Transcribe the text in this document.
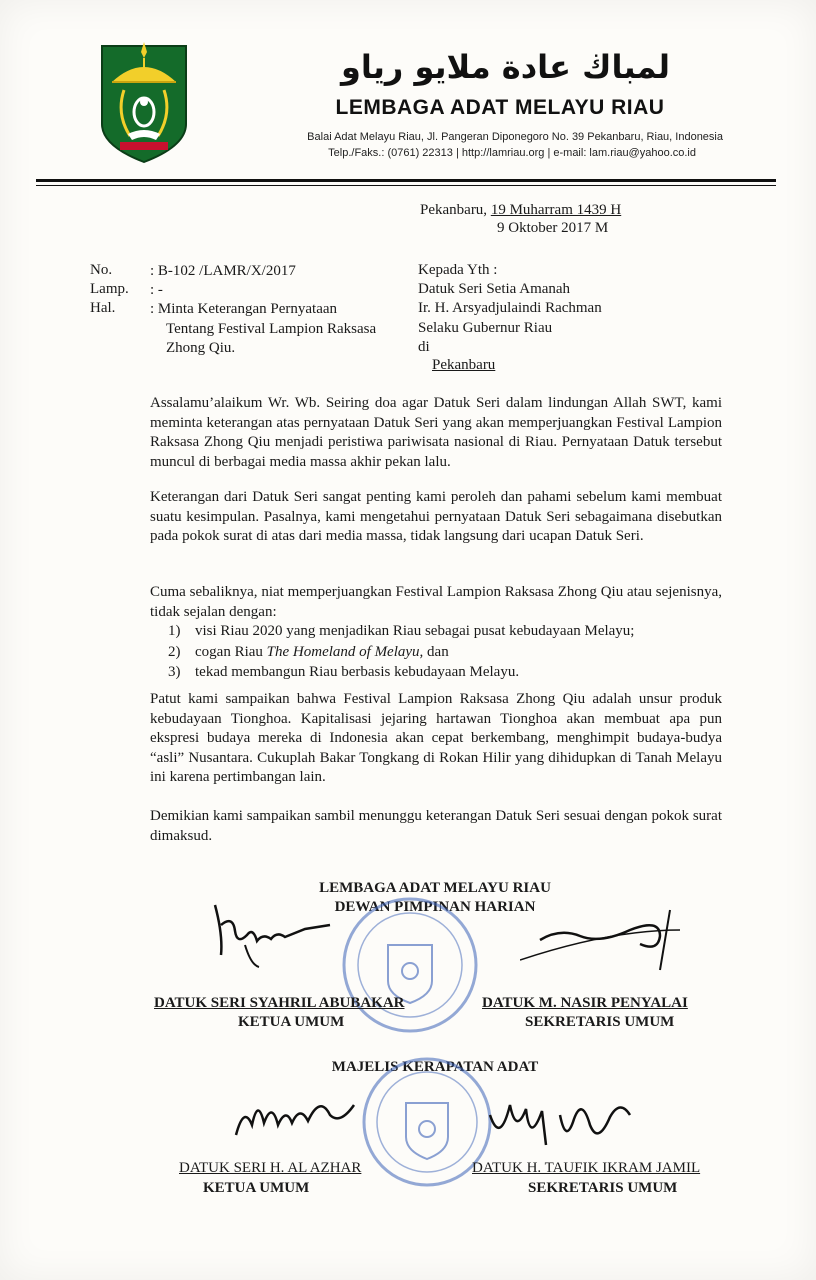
لمباڬ عادة ملايو رياو
LEMBAGA ADAT MELAYU RIAU
Balai Adat Melayu Riau, Jl. Pangeran Diponegoro No. 39 Pekanbaru, Riau, Indonesia
Telp./Faks.: (0761) 22313 | http://lamriau.org | e-mail: lam.riau@yahoo.co.id
Pekanbaru, 19 Muharram 1439 H
9 Oktober 2017 M
No.	: B-102 /LAMR/X/2017
Lamp.	: -
Hal.	: Minta Keterangan Pernyataan
Tentang Festival Lampion Raksasa
Zhong Qiu.
Kepada Yth :
Datuk Seri Setia Amanah
Ir. H. Arsyadjulaindi Rachman
Selaku Gubernur Riau
di
Pekanbaru
Assalamu’alaikum Wr. Wb. Seiring doa agar Datuk Seri dalam lindungan Allah SWT, kami meminta keterangan atas pernyataan Datuk Seri yang akan memperjuangkan Festival Lampion Raksasa Zhong Qiu menjadi peristiwa pariwisata nasional di Riau. Pernyataan Datuk tersebut muncul di berbagai media massa akhir pekan lalu.
Keterangan dari Datuk Seri sangat penting kami peroleh dan pahami sebelum kami membuat suatu kesimpulan. Pasalnya, kami mengetahui pernyataan Datuk Seri sebagaimana disebutkan pada pokok surat di atas dari media massa, tidak langsung dari ucapan Datuk Seri.
Cuma sebaliknya, niat memperjuangkan Festival Lampion Raksasa Zhong Qiu atau sejenisnya, tidak sejalan dengan:
1) visi Riau 2020 yang menjadikan Riau sebagai pusat kebudayaan Melayu;
2) cogan Riau The Homeland of Melayu, dan
3) tekad membangun Riau berbasis kebudayaan Melayu.
Patut kami sampaikan bahwa Festival Lampion Raksasa Zhong Qiu adalah unsur produk kebudayaan Tionghoa. Kapitalisasi jejaring hartawan Tionghoa akan membuat apa pun ekspresi budaya mereka di Indonesia akan cepat berkembang, menghimpit budaya-budya “asli” Nusantara. Cukuplah Bakar Tongkang di Rokan Hilir yang dihidupkan di Tanah Melayu ini karena pertimbangan lain.
Demikian kami sampaikan sambil menunggu keterangan Datuk Seri sesuai dengan pokok surat dimaksud.
LEMBAGA ADAT MELAYU RIAU
DEWAN PIMPINAN HARIAN
DATUK SERI SYAHRIL ABUBAKAR
KETUA UMUM
DATUK M. NASIR PENYALAI
SEKRETARIS UMUM
MAJELIS KERAPATAN ADAT
DATUK SERI H. AL AZHAR
KETUA UMUM
DATUK H. TAUFIK IKRAM JAMIL
SEKRETARIS UMUM
